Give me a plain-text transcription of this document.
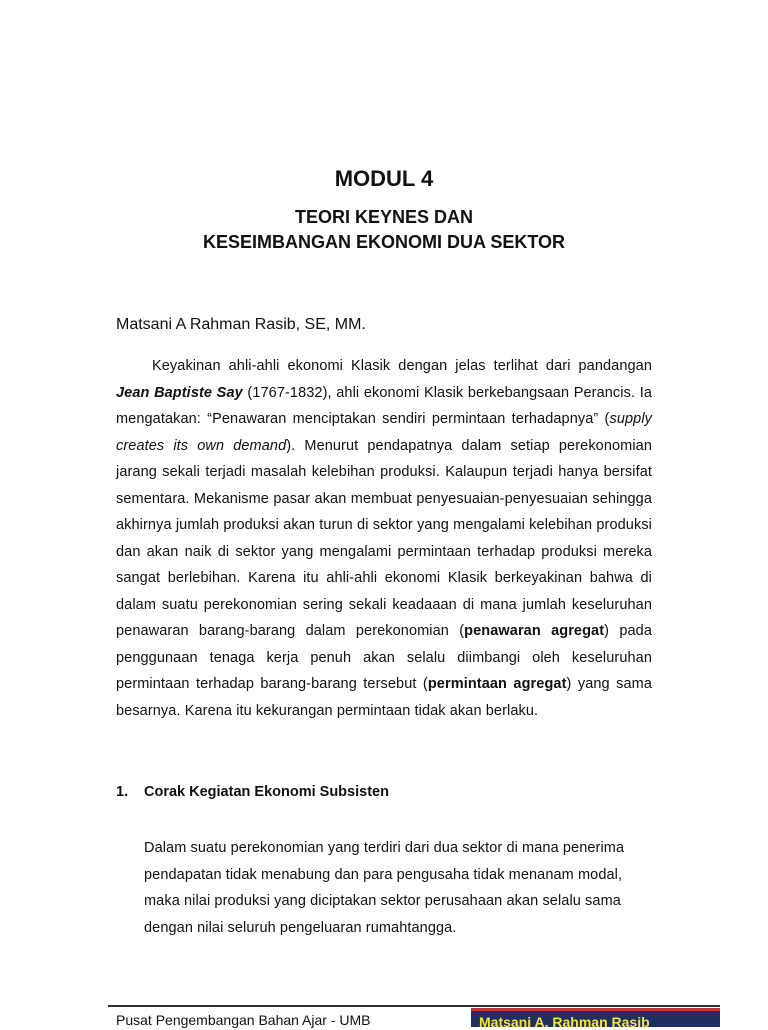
MODUL 4
TEORI KEYNES DAN
KESEIMBANGAN EKONOMI DUA SEKTOR

Matsani A Rahman Rasib, SE, MM.

Keyakinan ahli-ahli ekonomi Klasik dengan jelas terlihat dari pandangan Jean Baptiste Say (1767-1832), ahli ekonomi Klasik berkebangsaan Perancis. Ia mengatakan: “Penawaran menciptakan sendiri permintaan terhadapnya” (supply creates its own demand). Menurut pendapatnya dalam setiap perekonomian jarang sekali terjadi masalah kelebihan produksi. Kalaupun terjadi hanya bersifat sementara. Mekanisme pasar akan membuat penyesuaian-penyesuaian sehingga akhirnya jumlah produksi akan turun di sektor yang mengalami kelebihan produksi dan akan naik di sektor yang mengalami permintaan terhadap produksi mereka sangat berlebihan. Karena itu ahli-ahli ekonomi Klasik berkeyakinan bahwa di dalam suatu perekonomian sering sekali keadaaan di mana jumlah keseluruhan penawaran barang-barang dalam perekonomian (penawaran agregat) pada penggunaan tenaga kerja penuh akan selalu diimbangi oleh keseluruhan permintaan terhadap barang-barang tersebut (permintaan agregat) yang sama besarnya. Karena itu kekurangan permintaan tidak akan berlaku.

1. Corak Kegiatan Ekonomi Subsisten

Dalam suatu perekonomian yang terdiri dari dua sektor di mana penerima pendapatan tidak menabung dan para pengusaha tidak menanam modal, maka nilai produksi yang diciptakan sektor perusahaan akan selalu sama dengan nilai seluruh pengeluaran rumahtangga.

Pusat Pengembangan Bahan Ajar - UMB	Matsani A. Rahman Rasib
